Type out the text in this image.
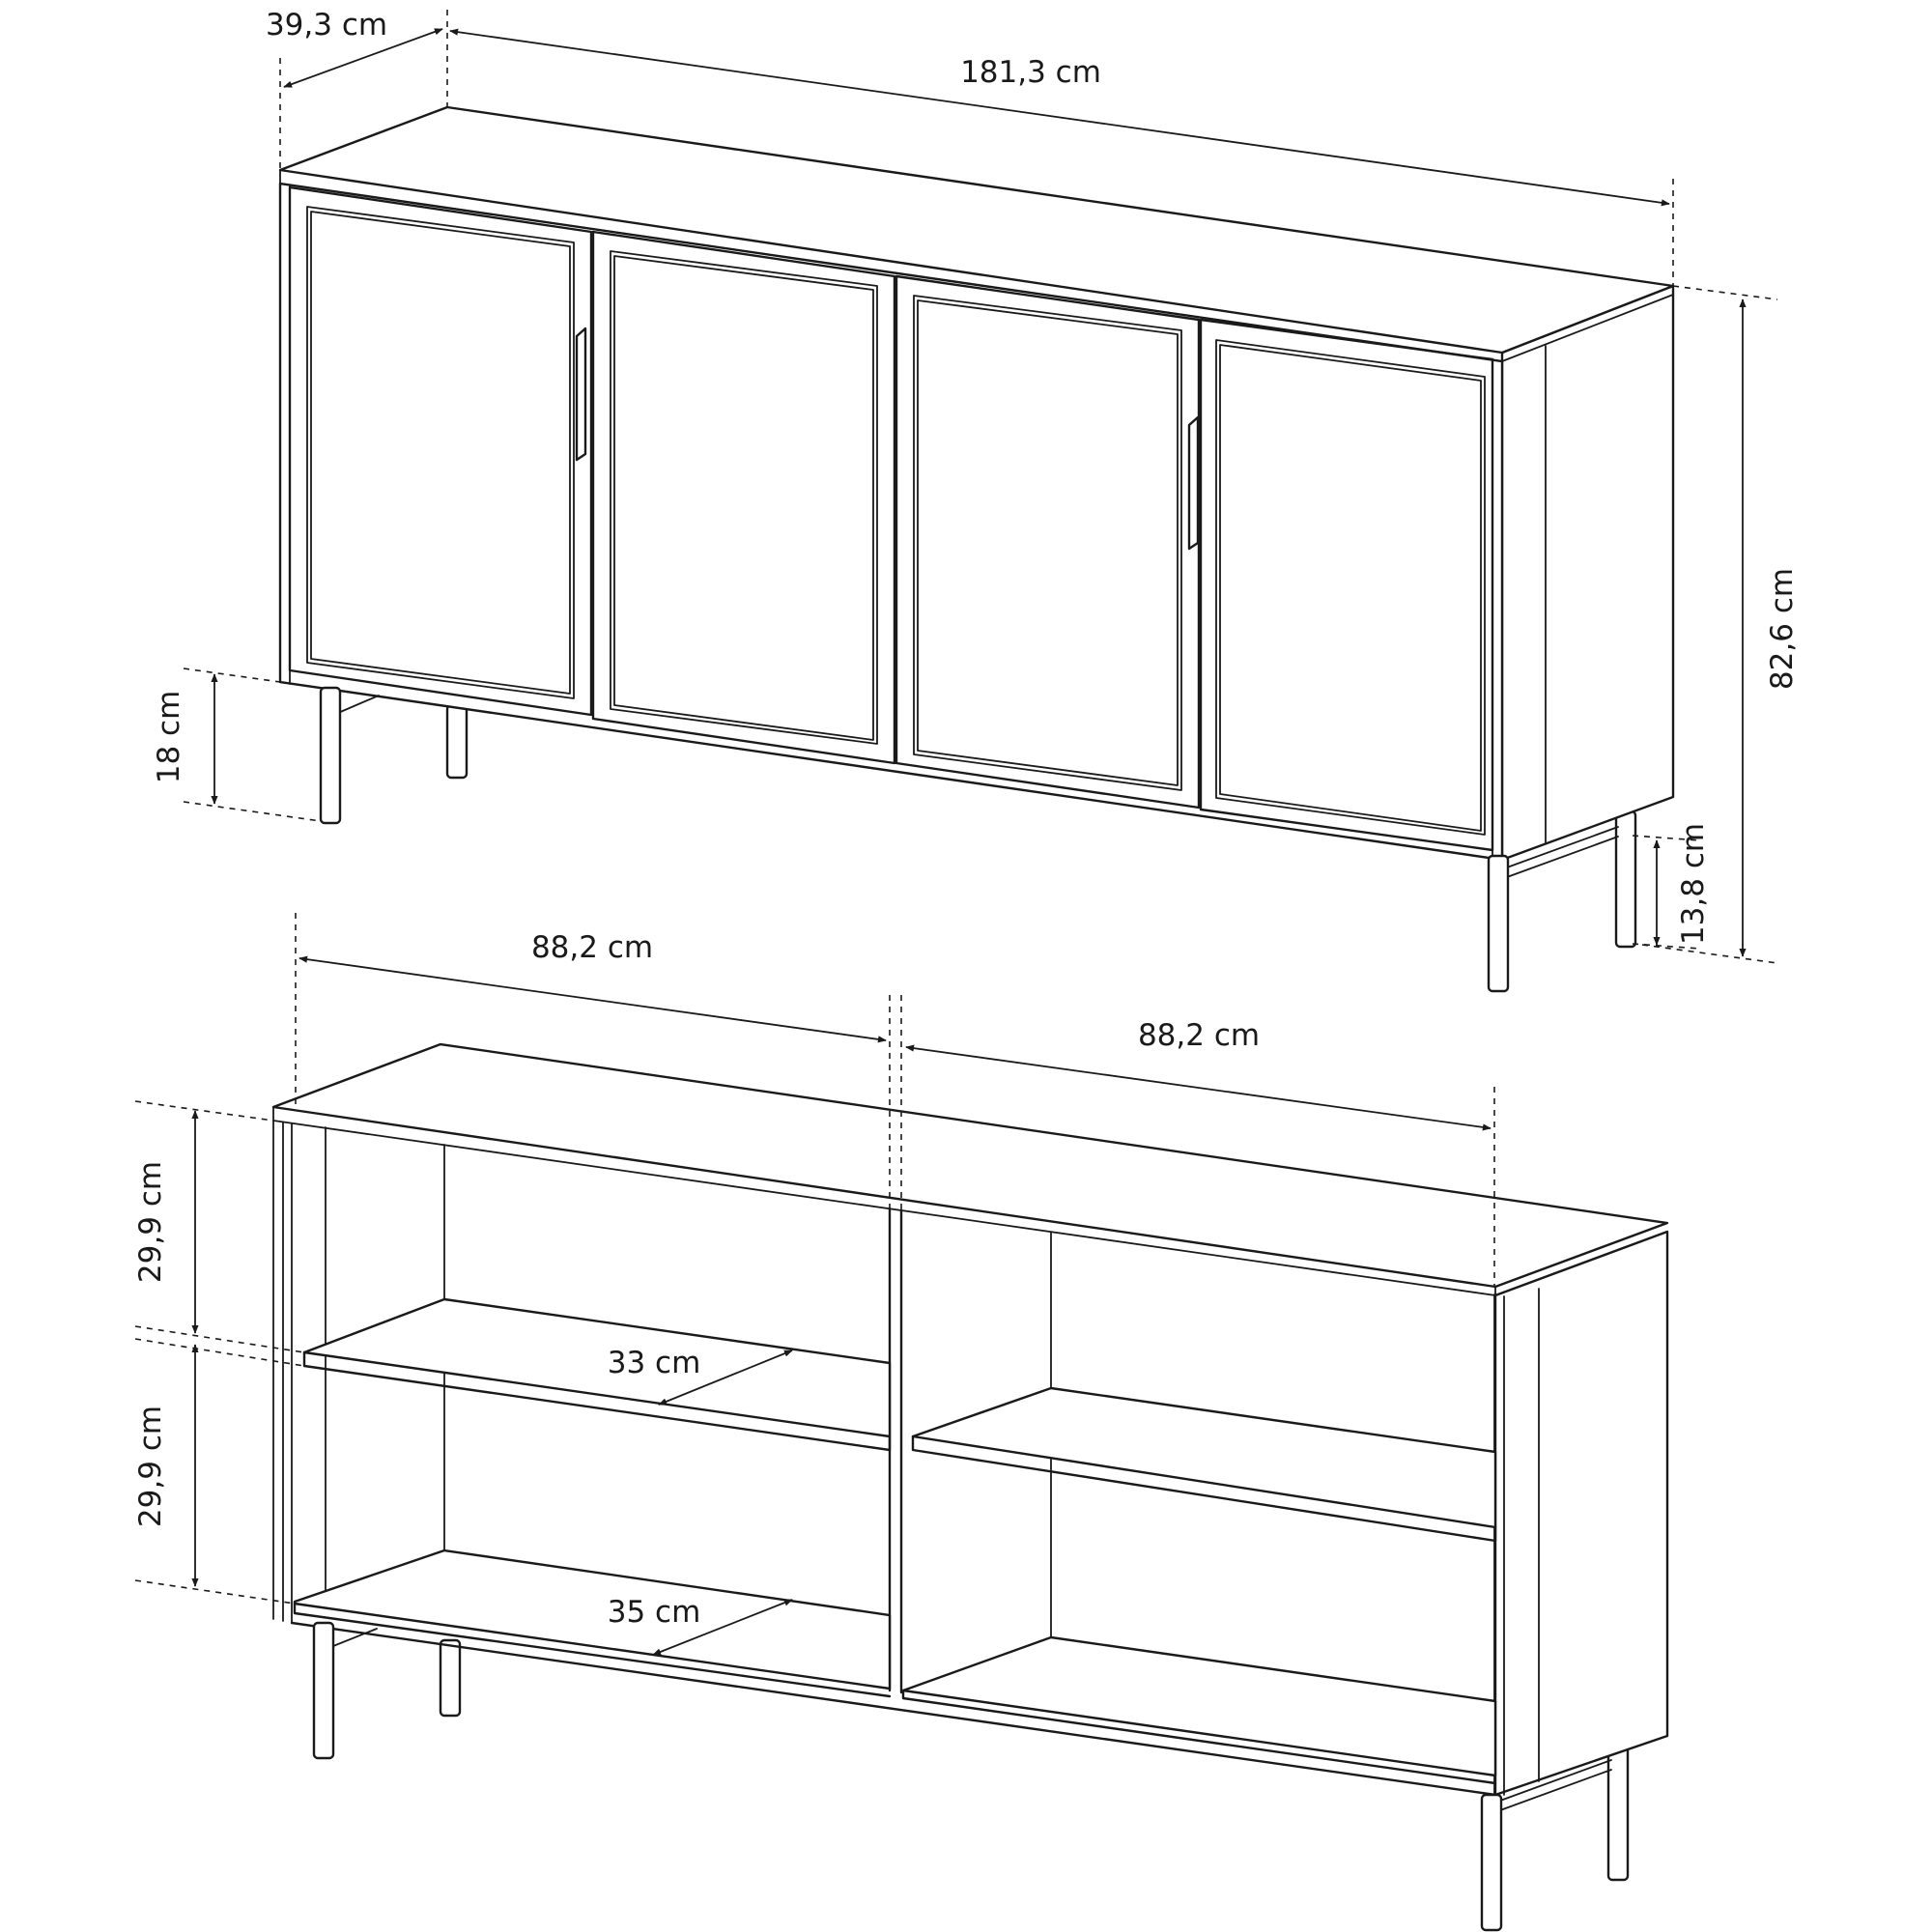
39,3 cm
181,3 cm
82,6 cm
18 cm
13,8 cm
88,2 cm
88,2 cm
29,9 cm
29,9 cm
33 cm
35 cm
